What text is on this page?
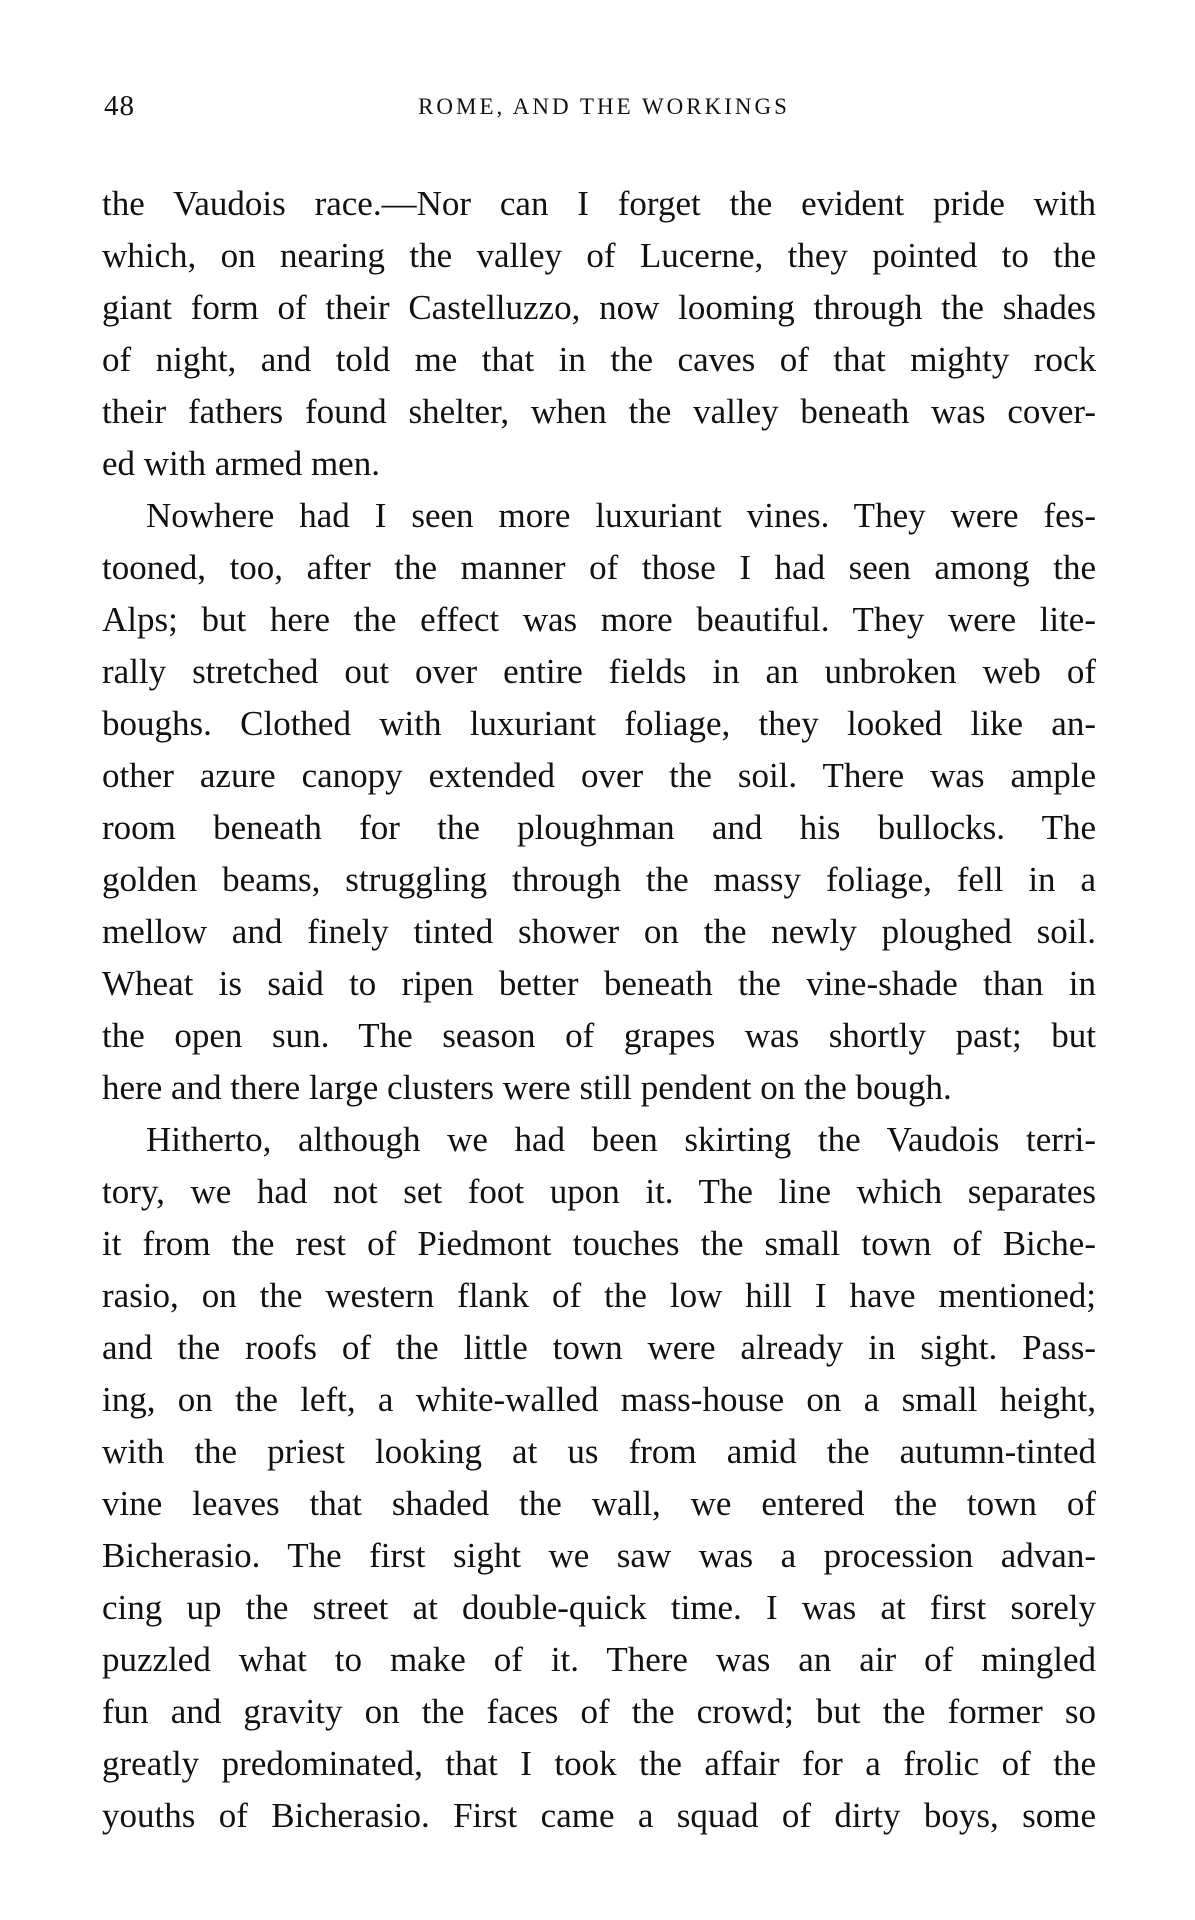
48	ROME, AND THE WORKINGS

the Vaudois race.—Nor can I forget the evident pride with
which, on nearing the valley of Lucerne, they pointed to the
giant form of their Castelluzzo, now looming through the shades
of night, and told me that in the caves of that mighty rock
their fathers found shelter, when the valley beneath was cover-
ed with armed men.

Nowhere had I seen more luxuriant vines. They were fes-
tooned, too, after the manner of those I had seen among the
Alps; but here the effect was more beautiful. They were lite-
rally stretched out over entire fields in an unbroken web of
boughs. Clothed with luxuriant foliage, they looked like an-
other azure canopy extended over the soil. There was ample
room beneath for the ploughman and his bullocks. The
golden beams, struggling through the massy foliage, fell in a
mellow and finely tinted shower on the newly ploughed soil.
Wheat is said to ripen better beneath the vine-shade than in
the open sun. The season of grapes was shortly past; but
here and there large clusters were still pendent on the bough.

Hitherto, although we had been skirting the Vaudois terri-
tory, we had not set foot upon it. The line which separates
it from the rest of Piedmont touches the small town of Biche-
rasio, on the western flank of the low hill I have mentioned;
and the roofs of the little town were already in sight. Pass-
ing, on the left, a white-walled mass-house on a small height,
with the priest looking at us from amid the autumn-tinted
vine leaves that shaded the wall, we entered the town of
Bicherasio. The first sight we saw was a procession advan-
cing up the street at double-quick time. I was at first sorely
puzzled what to make of it. There was an air of mingled
fun and gravity on the faces of the crowd; but the former so
greatly predominated, that I took the affair for a frolic of the
youths of Bicherasio. First came a squad of dirty boys, some
